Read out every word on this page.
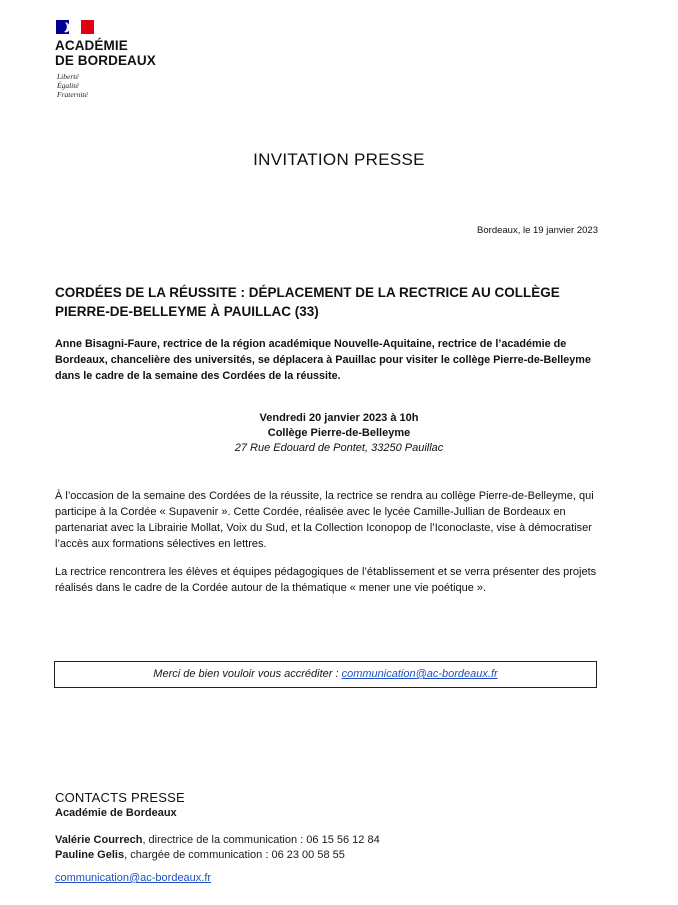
ACADÉMIE
DE BORDEAUX
Liberté
Égalité
Fraternité
INVITATION PRESSE
Bordeaux, le 19 janvier 2023
CORDÉES DE LA RÉUSSITE : DÉPLACEMENT DE LA RECTRICE AU COLLÈGE
PIERRE-DE-BELLEYME À PAUILLAC (33)
Anne Bisagni-Faure, rectrice de la région académique Nouvelle-Aquitaine, rectrice de l’académie de Bordeaux, chancelière des universités, se déplacera à Pauillac pour visiter le collège Pierre-de-Belleyme dans le cadre de la semaine des Cordées de la réussite.
Vendredi 20 janvier 2023 à 10h
Collège Pierre-de-Belleyme
27 Rue Edouard de Pontet, 33250 Pauillac
À l’occasion de la semaine des Cordées de la réussite, la rectrice se rendra au collège Pierre-de-Belleyme, qui participe à la Cordée « Supavenir ». Cette Cordée, réalisée avec le lycée Camille-Jullian de Bordeaux en partenariat avec la Librairie Mollat, Voix du Sud, et la Collection Iconopop de l’Iconoclaste, vise à démocratiser l’accès aux formations sélectives en lettres.
La rectrice rencontrera les élèves et équipes pédagogiques de l’établissement et se verra présenter des projets réalisés dans le cadre de la Cordée autour de la thématique « mener une vie poétique ».
Merci de bien vouloir vous accréditer : communication@ac-bordeaux.fr
CONTACTS PRESSE
Académie de Bordeaux
Valérie Courrech, directrice de la communication : 06 15 56 12 84
Pauline Gelis, chargée de communication : 06 23 00 58 55
communication@ac-bordeaux.fr
